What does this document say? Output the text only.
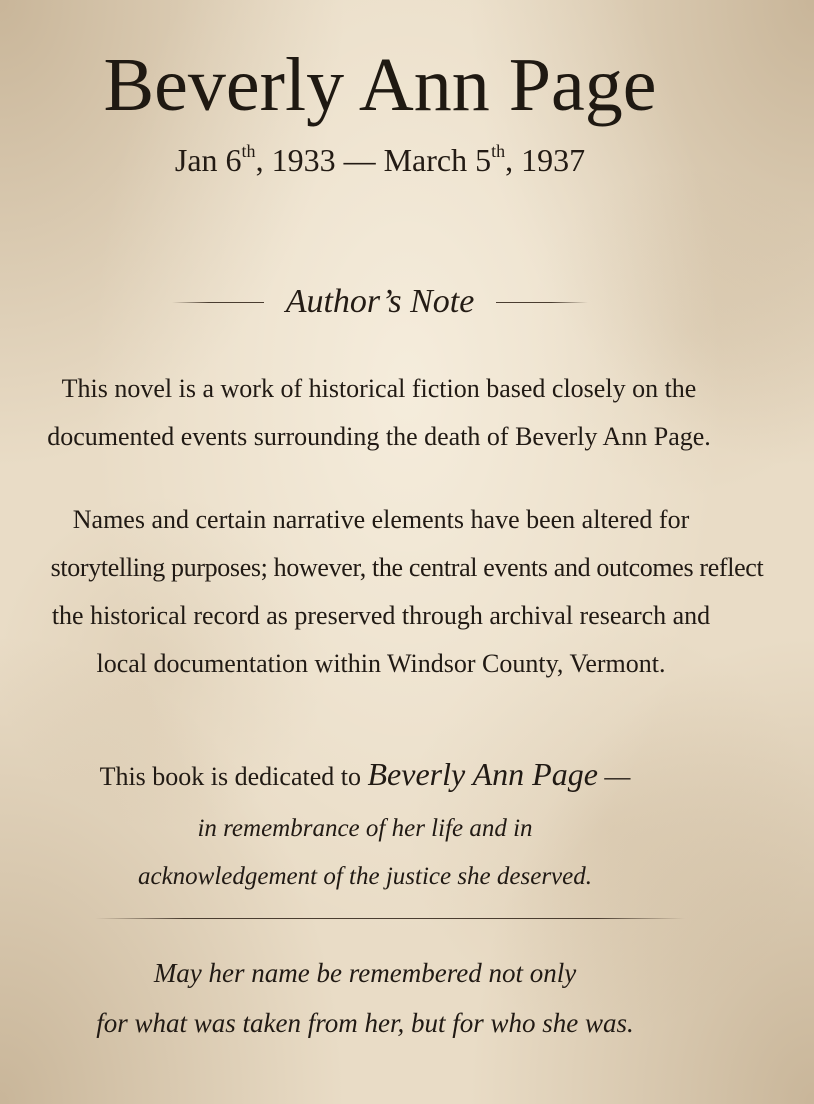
Beverly Ann Page
Jan 6th, 1933 — March 5th, 1937
Author’s Note
This novel is a work of historical fiction based closely on the
documented events surrounding the death of Beverly Ann Page.
Names and certain narrative elements have been altered for
storytelling purposes; however, the central events and outcomes reflect
the historical record as preserved through archival research and
local documentation within Windsor County, Vermont.
This book is dedicated to Beverly Ann Page —
in remembrance of her life and in
acknowledgement of the justice she deserved.
May her name be remembered not only
for what was taken from her, but for who she was.
